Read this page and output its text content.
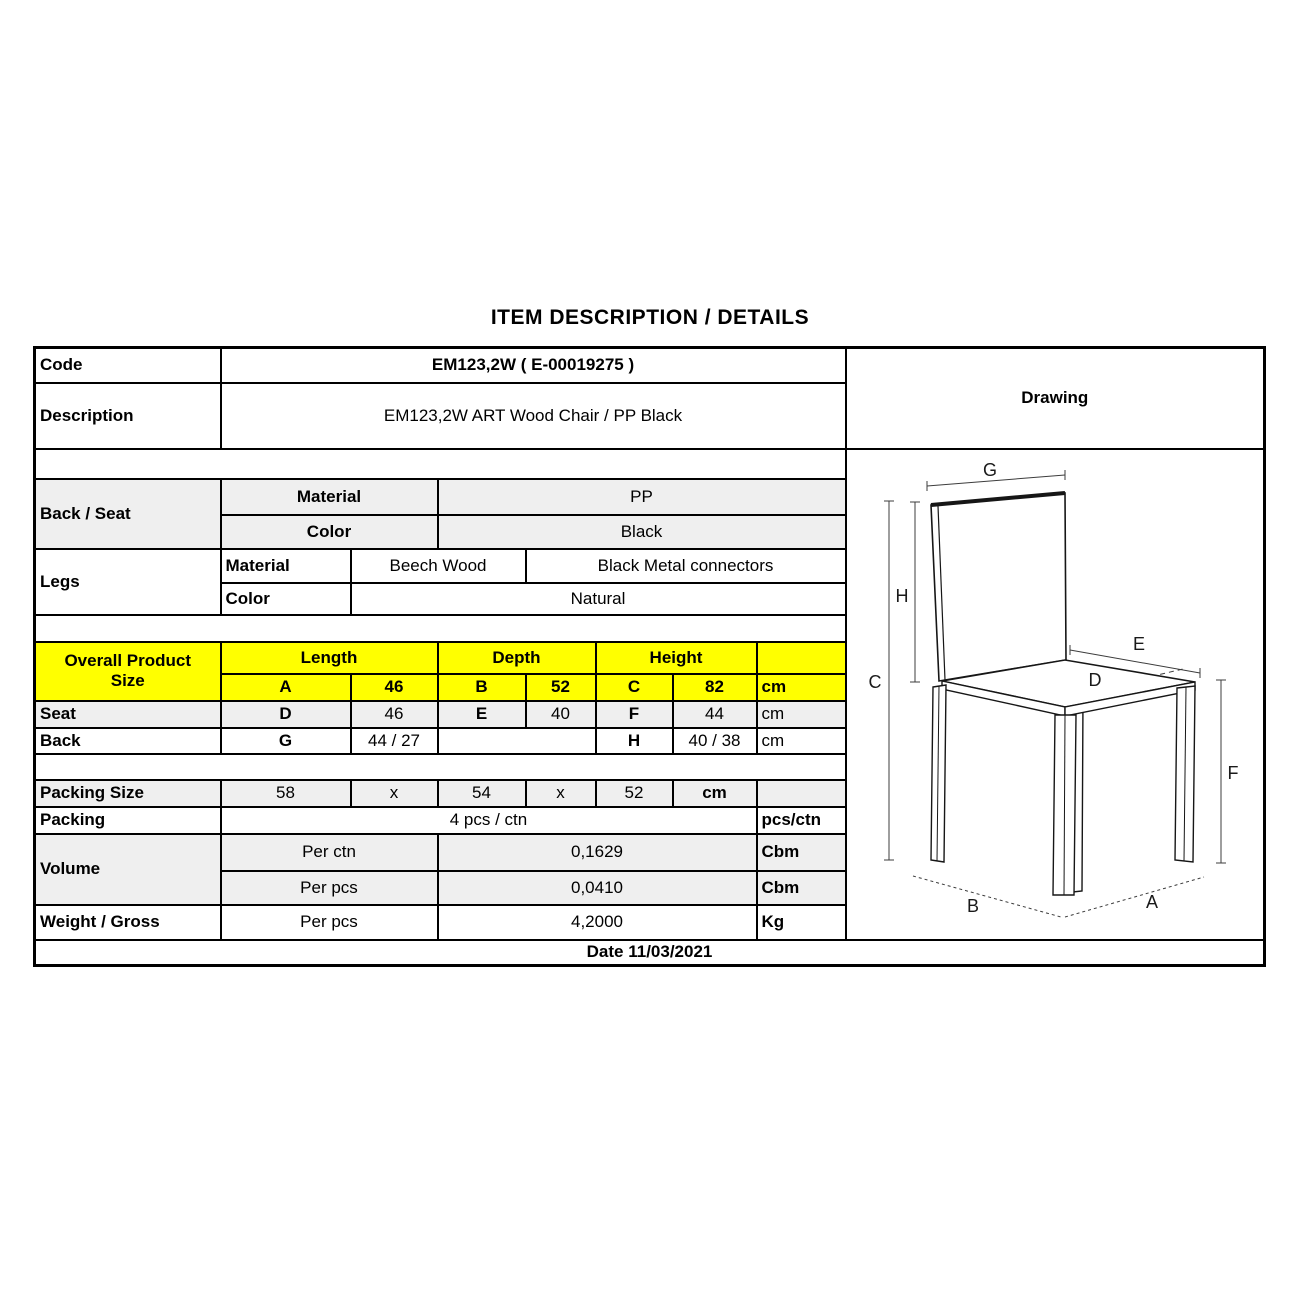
ITEM DESCRIPTION / DETAILS
Code	EM123,2W ( E-00019275 )							Drawing
Description	EM123,2W ART Wood Chair / PP Black							

G
H
C
E
D
F
B	A

Back / Seat	Material		PP					
	Color		Black					
Legs	Material	Beech Wood		Black Metal connectors				
	Color	Natural						

Overall Product
Size	Length		Depth		Height			
	A	46	B	52	C	82	cm	
Seat	D	46	E	40	F	44	cm	
Back	G	44 / 27			H	40 / 38	cm	

Packing Size	58	x	54	x	52	cm		
Packing	4 pcs / ctn						pcs/ctn	
Volume	Per ctn		0,1629				Cbm	
	Per pcs		0,0410				Cbm	
Weight / Gross	Per pcs		4,2000				Kg	
Date 11/03/2021								
